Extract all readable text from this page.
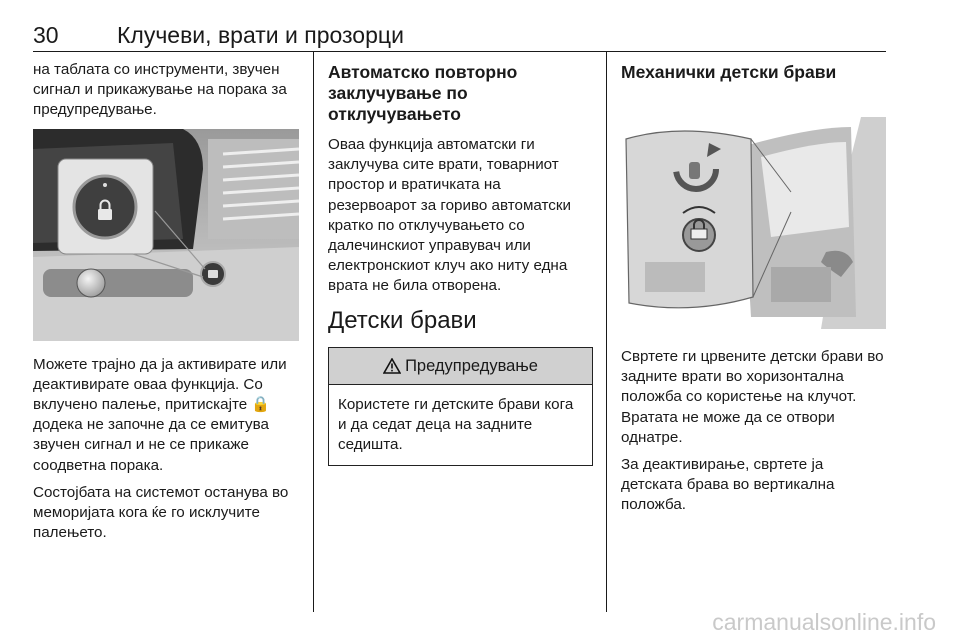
30	Клучеви, врати и прозорци

на таблата со инструменти, звучен сигнал и прикажување на порака за предупредување.

Можете трајно да ја активирате или деактивирате оваа функција. Со вклучено палење, притискајте 🔒 додека не започне да се емитува звучен сигнал и не се прикаже соодветна порака.

Состојбата на системот останува во меморијата кога ќе го исклучите палењето.

Автоматско повторно заклучување по отклучувањето

Оваа функција автоматски ги заклучува сите врати, товарниот простор и вратичката на резервоарот за гориво автоматски кратко по отклучувањето со далечинскиот управувач или електронскиот клуч ако ниту една врата не била отворена.

Детски брави
Предупредување
Користете ги детските брави кога и да седат деца на задните седишта.
Механички детски брави

Свртете ги црвените детски брави во задните врати во хоризонтална положба со користење на клучот. Вратата не може да се отвори однатре.

За деактивирање, свртете ја детската брава во вертикална положба.

carmanualsonline.info
